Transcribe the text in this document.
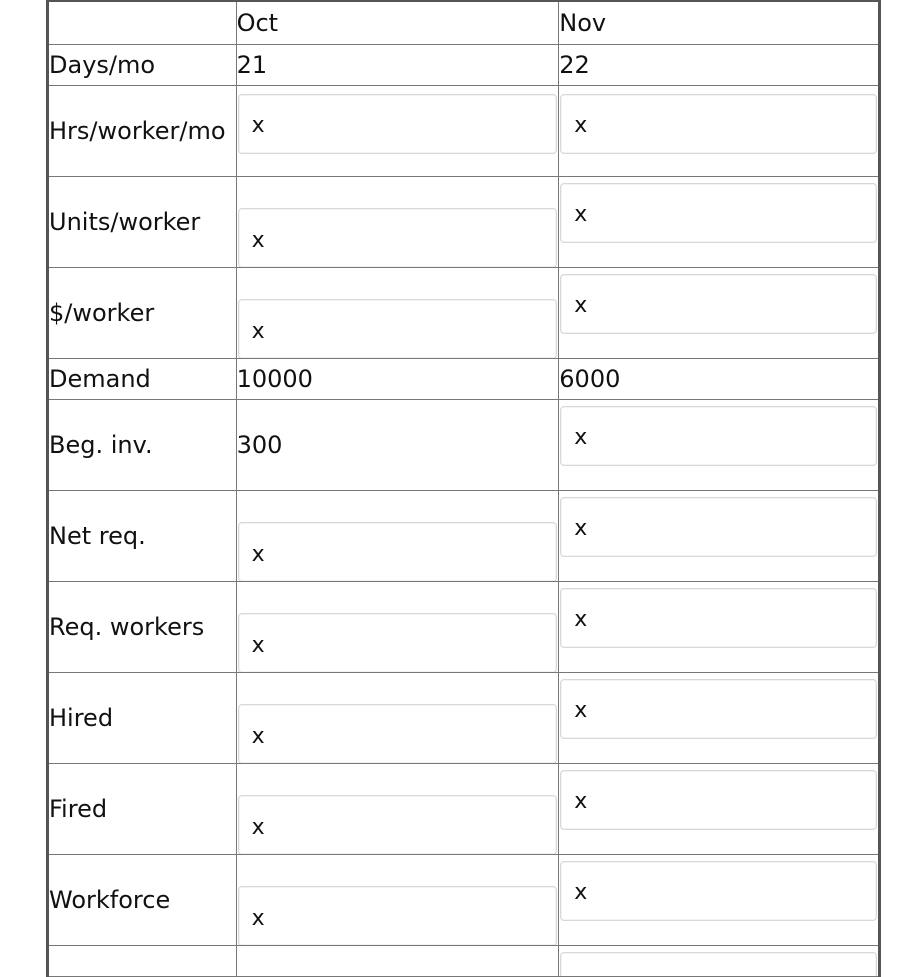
	Oct	Nov
Days/mo	21	22
Hrs/worker/mo	x	x

Units/worker	x	x

$/worker	x	x

Demand	10000	6000
Beg. inv.	300	x

Net req.	x	x

Req. workers	x	x

Hired	x	x

Fired	x	x

Workforce	x	x
